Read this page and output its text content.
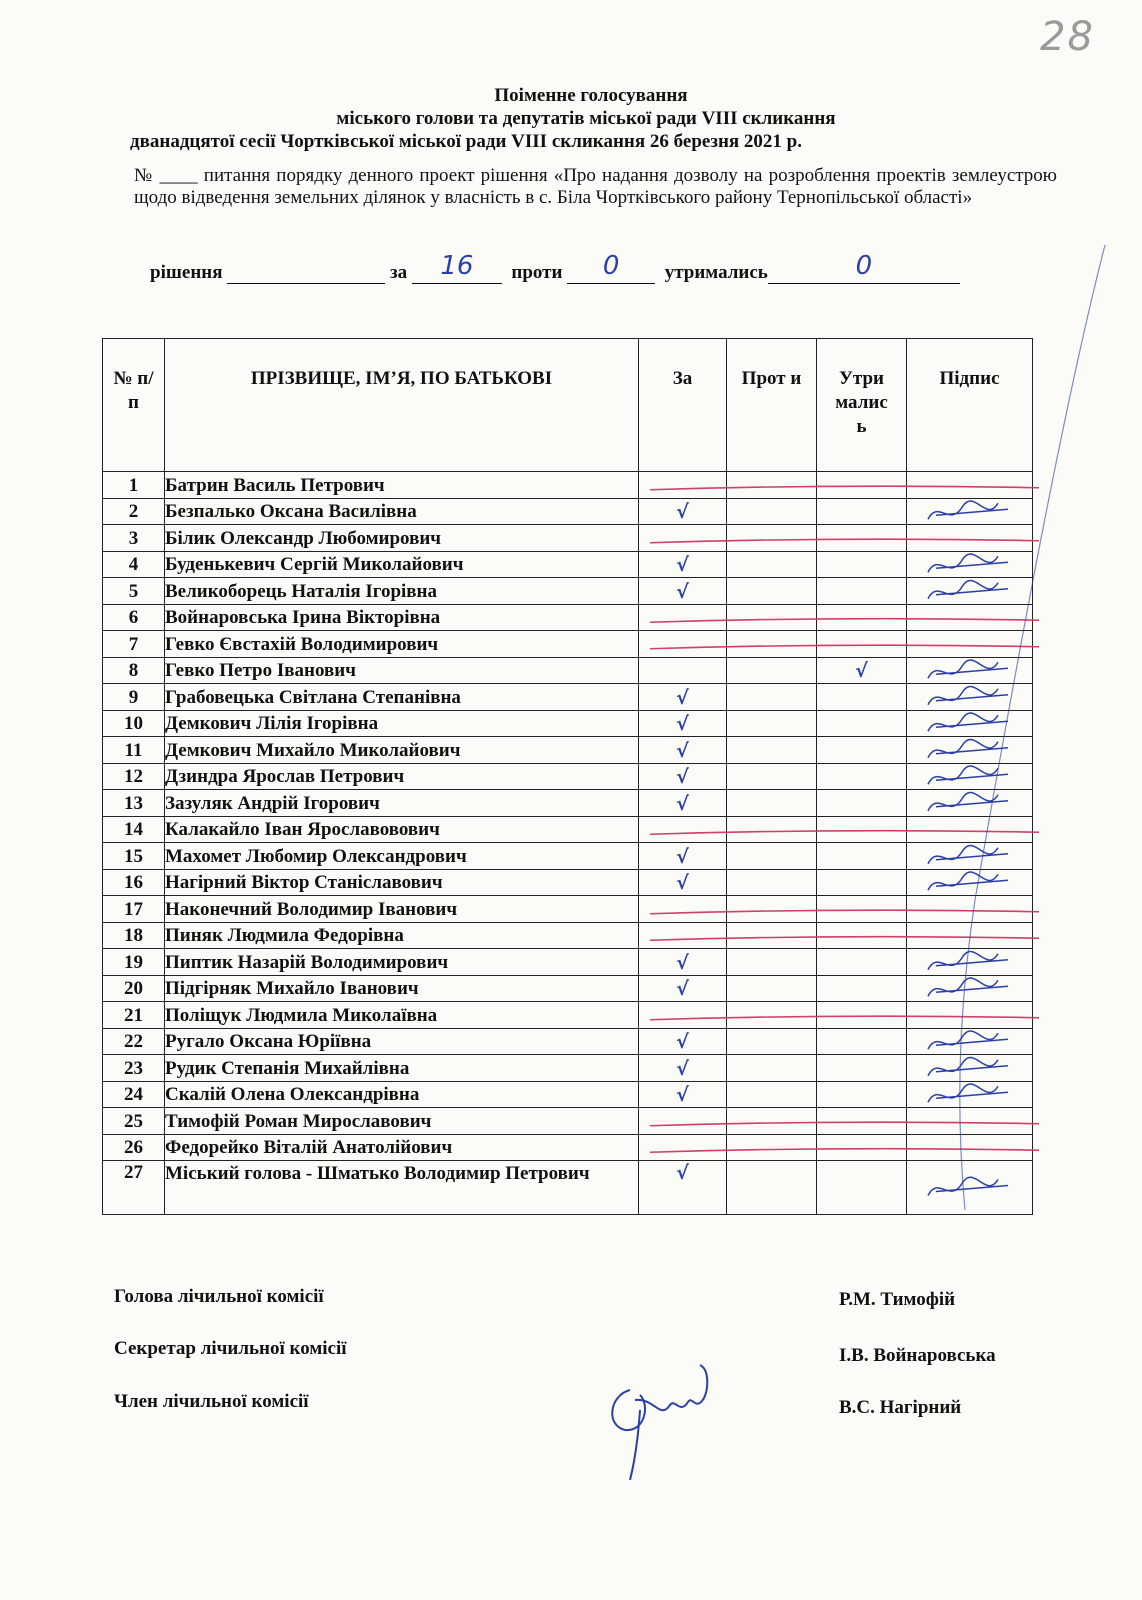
28
Поіменне голосування
міського голови та депутатів міської ради VIII скликання
дванадцятої сесії Чортківської міської ради VIII скликання 26 березня 2021 р.
№ ____ питання порядку денного проект рішення «Про надання дозволу на розроблення проектів землеустрою щодо відведення земельних ділянок у власність в с. Біла Чортківського району Тернопільської області»
рішення	за	16	проти	0	утримались	0
№ п/п	ПРІЗВИЩЕ, ІМ’Я, ПО БАТЬКОВІ	За	Прот и	Утри малис ь	Підпис
1	Батрин Василь Петрович				
2	Безпалько Оксана Василівна	√			
3	Білик Олександр Любомирович				
4	Буденькевич Сергій Миколайович	√			
5	Великоборець Наталія Ігорівна	√			
6	Войнаровська Ірина Вікторівна				
7	Гевко Євстахій Володимирович				
8	Гевко Петро Іванович			√	
9	Грабовецька Світлана Степанівна	√			
10	Демкович Лілія Ігорівна	√			
11	Демкович Михайло Миколайович	√			
12	Дзиндра Ярослав Петрович	√			
13	Зазуляк Андрій Ігорович	√			
14	Калакайло Іван Ярославовович				
15	Махомет Любомир Олександрович	√			
16	Нагірний Віктор Станіславович	√			
17	Наконечний Володимир Іванович				
18	Пиняк Людмила Федорівна				
19	Пиптик Назарій Володимирович	√			
20	Підгірняк Михайло Іванович	√			
21	Поліщук Людмила Миколаївна				
22	Ругало Оксана Юріївна	√			
23	Рудик Степанія Михайлівна	√			
24	Скалій Олена Олександрівна	√			
25	Тимофій Роман Мирославович				
26	Федорейко Віталій Анатолійович				
27	Міський голова - Шматько Володимир Петрович	√			
Голова лічильної комісії	Р.М. Тимофій
Секретар лічильної комісії	І.В. Войнаровська
Член лічильної комісії	В.С. Нагірний
